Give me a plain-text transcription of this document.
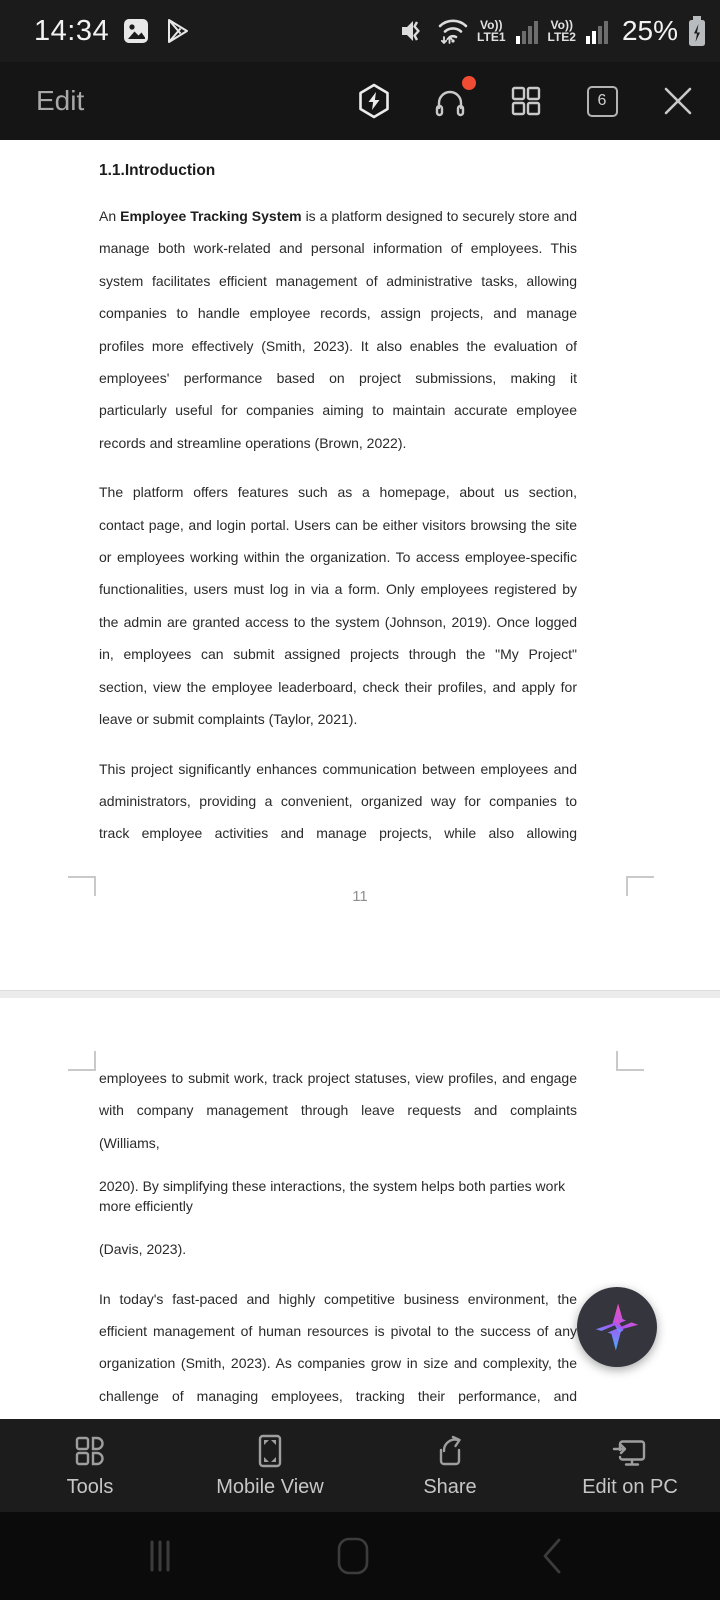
14:34	Vo))
LTE1
Vo))
LTE2 25%
Edit	6
1.1.Introduction
An Employee Tracking System is a platform designed to securely store and
manage both work-related and personal information of employees. This
system facilitates efficient management of administrative tasks, allowing
companies to handle employee records, assign projects, and manage
profiles more effectively (Smith, 2023). It also enables the evaluation of
employees' performance based on project submissions, making it
particularly useful for companies aiming to maintain accurate employee
records and streamline operations (Brown, 2022).
The platform offers features such as a homepage, about us section,
contact page, and login portal. Users can be either visitors browsing the site
or employees working within the organization. To access employee-specific
functionalities, users must log in via a form. Only employees registered by
the admin are granted access to the system (Johnson, 2019). Once logged
in, employees can submit assigned projects through the "My Project"
section, view the employee leaderboard, check their profiles, and apply for
leave or submit complaints (Taylor, 2021).
This project significantly enhances communication between employees and
administrators, providing a convenient, organized way for companies to
track employee activities and manage projects, while also allowing
11
employees to submit work, track project statuses, view profiles, and engage
with company management through leave requests and complaints
(Williams,
2020). By simplifying these interactions, the system helps both parties work
more efficiently
(Davis, 2023).
In today's fast-paced and highly competitive business environment, the
efficient management of human resources is pivotal to the success of any
organization (Smith, 2023). As companies grow in size and complexity, the
challenge of managing employees, tracking their performance, and
Tools	Mobile View	Share	Edit on PC
